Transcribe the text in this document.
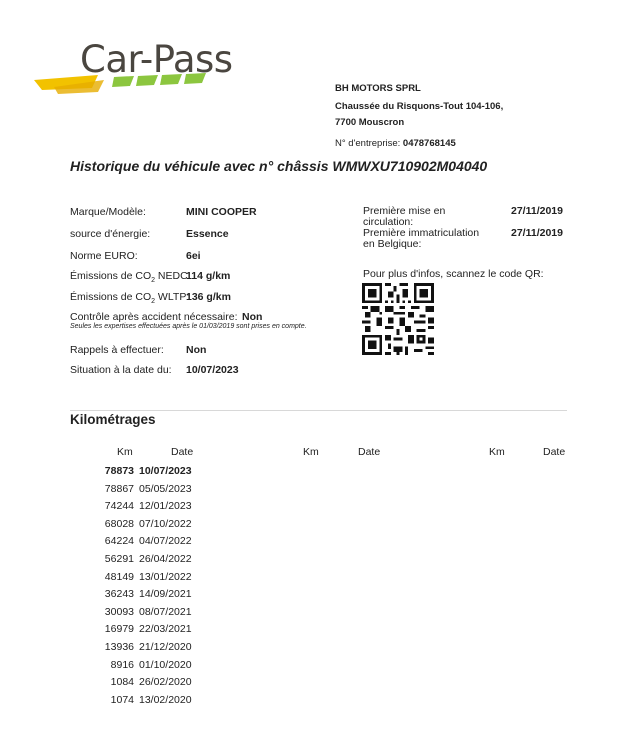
Car-Pass
BH MOTORS SPRL
Chaussée du Risquons-Tout 104-106,
7700 Mouscron
N° d'entreprise: 0478768145
Historique du véhicule avec n° châssis WMWXU710902M04040
Marque/Modèle:	MINI COOPER
source d'énergie:	Essence
Norme EURO:	6ei
Émissions de $CO_2$ NEDC:
114 g/km
Émissions de $CO_2$ WLTP:
136 g/km
Contrôle après accident nécessaire: Non
Seules les expertises effectuées après le 01/03/2019 sont prises en compte.
Rappels à effectuer: Non
Situation à la date du: 10/07/2023
Première mise en
circulation:
27/11/2019
Première immatriculation
en Belgique:
27/11/2019
Pour plus d'infos, scannez le code QR:
Kilométrages
Km	Date	Km	Date	Km	Date
78873 10/07/2023
78867 05/05/2023
74244 12/01/2023
68028 07/10/2022
64224 04/07/2022
56291 26/04/2022
48149 13/01/2022
36243 14/09/2021
30093 08/07/2021
16979 22/03/2021
13936 21/12/2020
8916 01/10/2020
1084 26/02/2020
1074 13/02/2020
